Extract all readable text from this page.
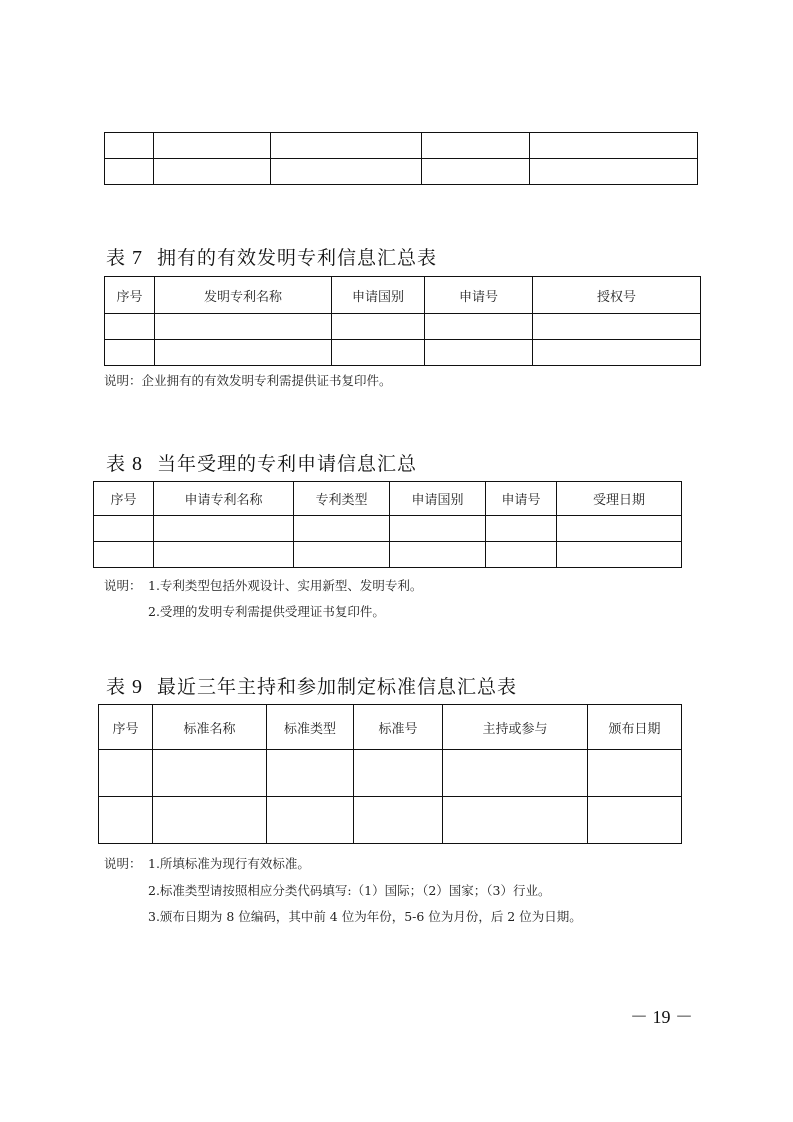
表 7 拥有的有效发明专利信息汇总表
序号	发明专利名称	申请国别	申请号	授权号

说明：企业拥有的有效发明专利需提供证书复印件。
表 8 当年受理的专利申请信息汇总
序号	申请专利名称	专利类型	申请国别	申请号	受理日期

说明： 1.专利类型包括外观设计、实用新型、发明专利。
2.受理的发明专利需提供受理证书复印件。
表 9 最近三年主持和参加制定标准信息汇总表
序号	标准名称	标准类型	标准号	主持或参与	颁布日期

说明： 1.所填标准为现行有效标准。
2.标准类型请按照相应分类代码填写:（1）国际；（2）国家；（3）行业。
3.颁布日期为 8 位编码，其中前 4 位为年份，5-6 位为月份，后 2 位为日期。
－ 19 －
